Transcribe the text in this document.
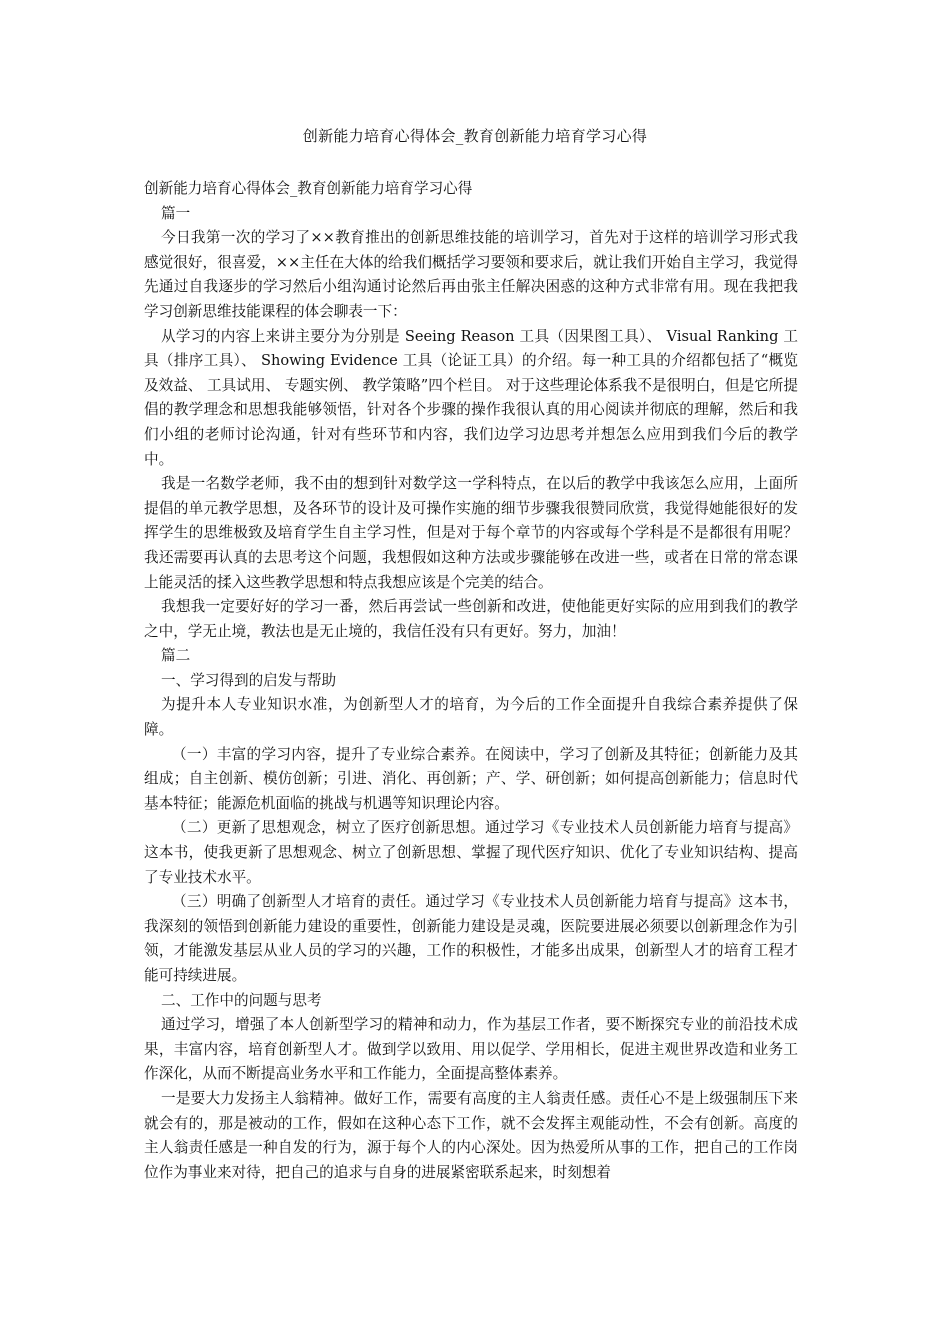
创新能力培育心得体会_教育创新能力培育学习心得

创新能力培育心得体会_教育创新能力培育学习心得

篇一

今日我第一次的学习了××教育推出的创新思维技能的培训学习，首先对于这样的培训学习形式我感觉很好，很喜爱，××主任在大体的给我们概括学习要领和要求后，就让我们开始自主学习，我觉得先通过自我逐步的学习然后小组沟通讨论然后再由张主任解决困惑的这种方式非常有用。现在我把我学习创新思维技能课程的体会聊表一下：

从学习的内容上来讲主要分为分别是 Seeing Reason 工具（因果图工具）、 Visual Ranking 工具（排序工具）、 Showing Evidence 工具（论证工具）的介绍。每一种工具的介绍都包括了“概览及效益、 工具试用、 专题实例、 教学策略”四个栏目。 对于这些理论体系我不是很明白，但是它所提倡的教学理念和思想我能够领悟，针对各个步骤的操作我很认真的用心阅读并彻底的理解，然后和我们小组的老师讨论沟通，针对有些环节和内容，我们边学习边思考并想怎么应用到我们今后的教学中。

我是一名数学老师，我不由的想到针对数学这一学科特点，在以后的教学中我该怎么应用，上面所提倡的单元教学思想，及各环节的设计及可操作实施的细节步骤我很赞同欣赏，我觉得她能很好的发挥学生的思维极致及培育学生自主学习性，但是对于每个章节的内容或每个学科是不是都很有用呢？我还需要再认真的去思考这个问题，我想假如这种方法或步骤能够在改进一些，或者在日常的常态课上能灵活的揉入这些教学思想和特点我想应该是个完美的结合。

我想我一定要好好的学习一番，然后再尝试一些创新和改进，使他能更好实际的应用到我们的教学之中，学无止境，教法也是无止境的，我信任没有只有更好。努力，加油！

篇二

一、学习得到的启发与帮助

为提升本人专业知识水准，为创新型人才的培育，为今后的工作全面提升自我综合素养提供了保障。

（一）丰富的学习内容，提升了专业综合素养。在阅读中，学习了创新及其特征；创新能力及其组成；自主创新、模仿创新；引进、消化、再创新；产、学、研创新；如何提高创新能力；信息时代基本特征；能源危机面临的挑战与机遇等知识理论内容。

（二）更新了思想观念，树立了医疗创新思想。通过学习《专业技术人员创新能力培育与提高》这本书，使我更新了思想观念、树立了创新思想、掌握了现代医疗知识、优化了专业知识结构、提高了专业技术水平。

（三）明确了创新型人才培育的责任。通过学习《专业技术人员创新能力培育与提高》这本书，我深刻的领悟到创新能力建设的重要性，创新能力建设是灵魂，医院要进展必须要以创新理念作为引领，才能激发基层从业人员的学习的兴趣，工作的积极性，才能多出成果，创新型人才的培育工程才能可持续进展。

二、工作中的问题与思考

通过学习，增强了本人创新型学习的精神和动力，作为基层工作者，要不断探究专业的前沿技术成果，丰富内容，培育创新型人才。做到学以致用、用以促学、学用相长，促进主观世界改造和业务工作深化，从而不断提高业务水平和工作能力，全面提高整体素养。

一是要大力发扬主人翁精神。做好工作，需要有高度的主人翁责任感。责任心不是上级强制压下来就会有的，那是被动的工作，假如在这种心态下工作，就不会发挥主观能动性，不会有创新。高度的主人翁责任感是一种自发的行为，源于每个人的内心深处。因为热爱所从事的工作，把自己的工作岗位作为事业来对待，把自己的追求与自身的进展紧密联系起来，时刻想着
